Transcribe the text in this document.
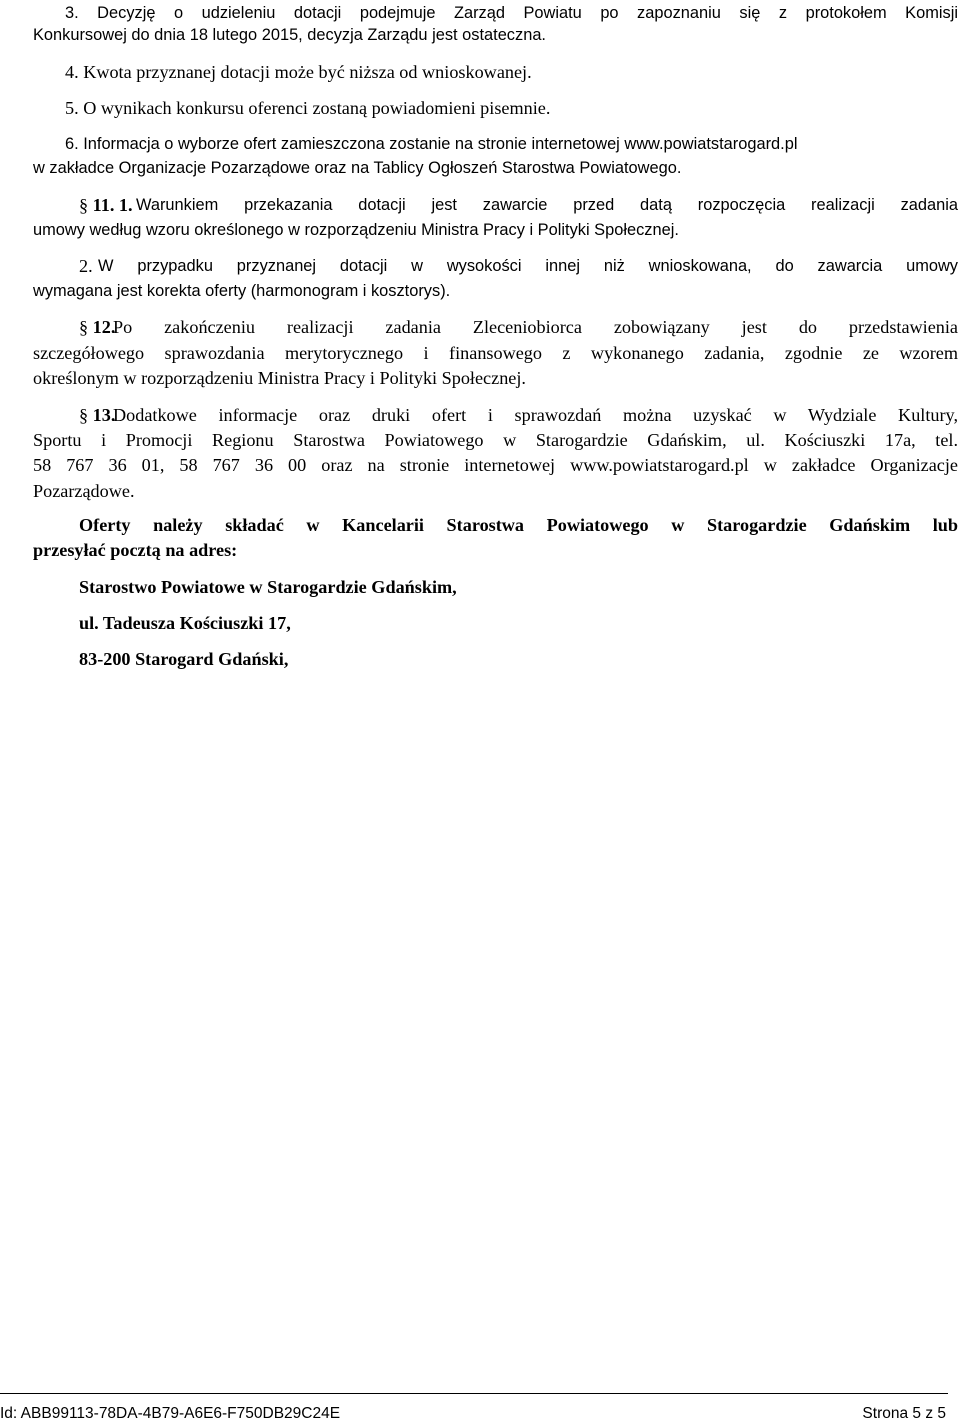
3. Decyzję o udzieleniu dotacji podejmuje Zarząd Powiatu po zapoznaniu się z protokołem Komisji
Konkursowej do dnia 18 lutego 2015, decyzja Zarządu jest ostateczna.
4. Kwota przyznanej dotacji może być niższa od wnioskowanej.
5. O wynikach konkursu oferenci zostaną powiadomieni pisemnie.
6. Informacja o wyborze ofert zamieszczona zostanie na stronie internetowej www.powiatstarogard.pl
w zakładce Organizacje Pozarządowe oraz na Tablicy Ogłoszeń Starostwa Powiatowego.
§ 11. 1. Warunkiem przekazania dotacji jest zawarcie przed datą rozpoczęcia realizacji zadania
umowy według wzoru określonego w rozporządzeniu Ministra Pracy i Polityki Społecznej.
2. W przypadku przyznanej dotacji w wysokości innej niż wnioskowana, do zawarcia umowy
wymagana jest korekta oferty (harmonogram i kosztorys).
§ 12.
Po zakończeniu realizacji zadania Zleceniobiorca zobowiązany jest do przedstawienia
szczegółowego sprawozdania merytorycznego i finansowego z wykonanego zadania, zgodnie ze wzorem
określonym w rozporządzeniu Ministra Pracy i Polityki Społecznej.
§ 13.
Dodatkowe informacje oraz druki ofert i sprawozdań można uzyskać w Wydziale Kultury,
Sportu i Promocji Regionu Starostwa Powiatowego w Starogardzie Gdańskim, ul. Kościuszki 17a, tel.
58 767 36 01, 58 767 36 00 oraz na stronie internetowej www.powiatstarogard.pl w zakładce Organizacje
Pozarządowe.
Oferty należy składać w Kancelarii Starostwa Powiatowego w Starogardzie Gdańskim lub
przesyłać pocztą na adres:
Starostwo Powiatowe w Starogardzie Gdańskim,
ul. Tadeusza Kościuszki 17,
83-200 Starogard Gdański,
Id: ABB99113-78DA-4B79-A6E6-F750DB29C24E	Strona 5 z 5
